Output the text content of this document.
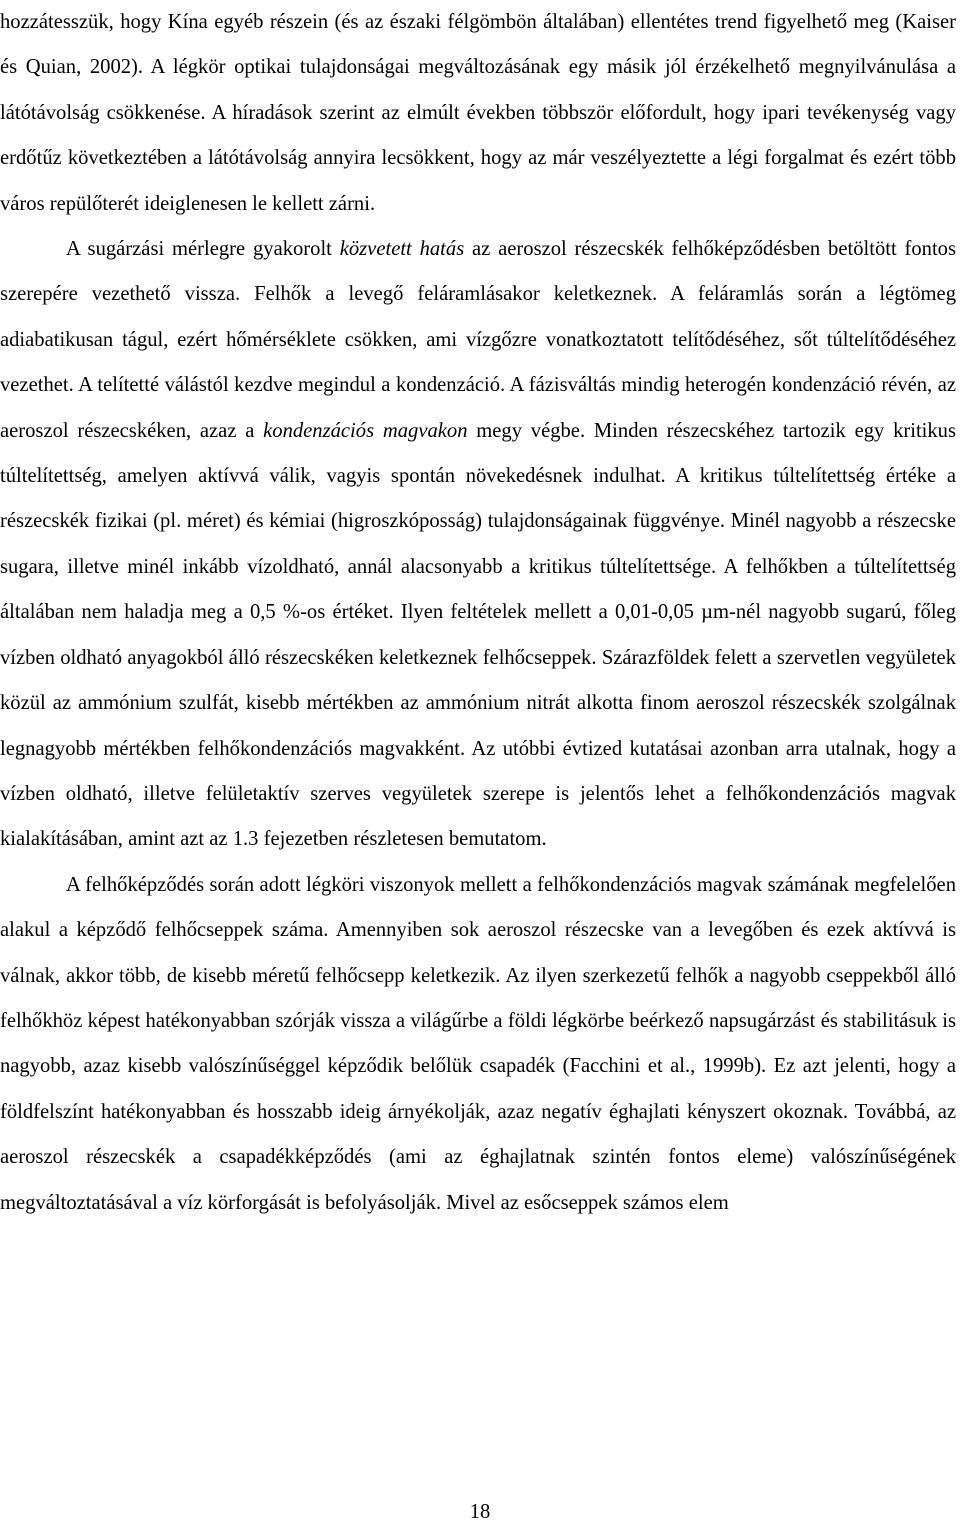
hozzátesszük, hogy Kína egyéb részein (és az északi félgömbön általában) ellentétes trend figyelhető meg (Kaiser és Quian, 2002). A légkör optikai tulajdonságai megváltozásának egy másik jól érzékelhető megnyilvánulása a látótávolság csökkenése. A híradások szerint az elmúlt években többször előfordult, hogy ipari tevékenység vagy erdőtűz következtében a látótávolság annyira lecsökkent, hogy az már veszélyeztette a légi forgalmat és ezért több város repülőterét ideiglenesen le kellett zárni.

A sugárzási mérlegre gyakorolt közvetett hatás az aeroszol részecskék felhőképződésben betöltött fontos szerepére vezethető vissza. Felhők a levegő feláramlásakor keletkeznek. A feláramlás során a légtömeg adiabatikusan tágul, ezért hőmérséklete csökken, ami vízgőzre vonatkoztatott telítődéséhez, sőt túltelítődéséhez vezethet. A telítetté válástól kezdve megindul a kondenzáció. A fázisváltás mindig heterogén kondenzáció révén, az aeroszol részecskéken, azaz a kondenzációs magvakon megy végbe. Minden részecskéhez tartozik egy kritikus túltelítettség, amelyen aktívvá válik, vagyis spontán növekedésnek indulhat. A kritikus túltelítettség értéke a részecskék fizikai (pl. méret) és kémiai (higroszkóposság) tulajdonságainak függvénye. Minél nagyobb a részecske sugara, illetve minél inkább vízoldható, annál alacsonyabb a kritikus túltelítettsége. A felhőkben a túltelítettség általában nem haladja meg a 0,5 %-os értéket. Ilyen feltételek mellett a 0,01-0,05 µm-nél nagyobb sugarú, főleg vízben oldható anyagokból álló részecskéken keletkeznek felhőcseppek. Szárazföldek felett a szervetlen vegyületek közül az ammónium szulfát, kisebb mértékben az ammónium nitrát alkotta finom aeroszol részecskék szolgálnak legnagyobb mértékben felhőkondenzációs magvakként. Az utóbbi évtized kutatásai azonban arra utalnak, hogy a vízben oldható, illetve felületaktív szerves vegyületek szerepe is jelentős lehet a felhőkondenzációs magvak kialakításában, amint azt az 1.3 fejezetben részletesen bemutatom.

A felhőképződés során adott légköri viszonyok mellett a felhőkondenzációs magvak számának megfelelően alakul a képződő felhőcseppek száma. Amennyiben sok aeroszol részecske van a levegőben és ezek aktívvá is válnak, akkor több, de kisebb méretű felhőcsepp keletkezik. Az ilyen szerkezetű felhők a nagyobb cseppekből álló felhőkhöz képest hatékonyabban szórják vissza a világűrbe a földi légkörbe beérkező napsugárzást és stabilitásuk is nagyobb, azaz kisebb valószínűséggel képződik belőlük csapadék (Facchini et al., 1999b). Ez azt jelenti, hogy a földfelszínt hatékonyabban és hosszabb ideig árnyékolják, azaz negatív éghajlati kényszert okoznak. Továbbá, az aeroszol részecskék a csapadékképződés (ami az éghajlatnak szintén fontos eleme) valószínűségének megváltoztatásával a víz körforgását is befolyásolják. Mivel az esőcseppek számos elem

18
